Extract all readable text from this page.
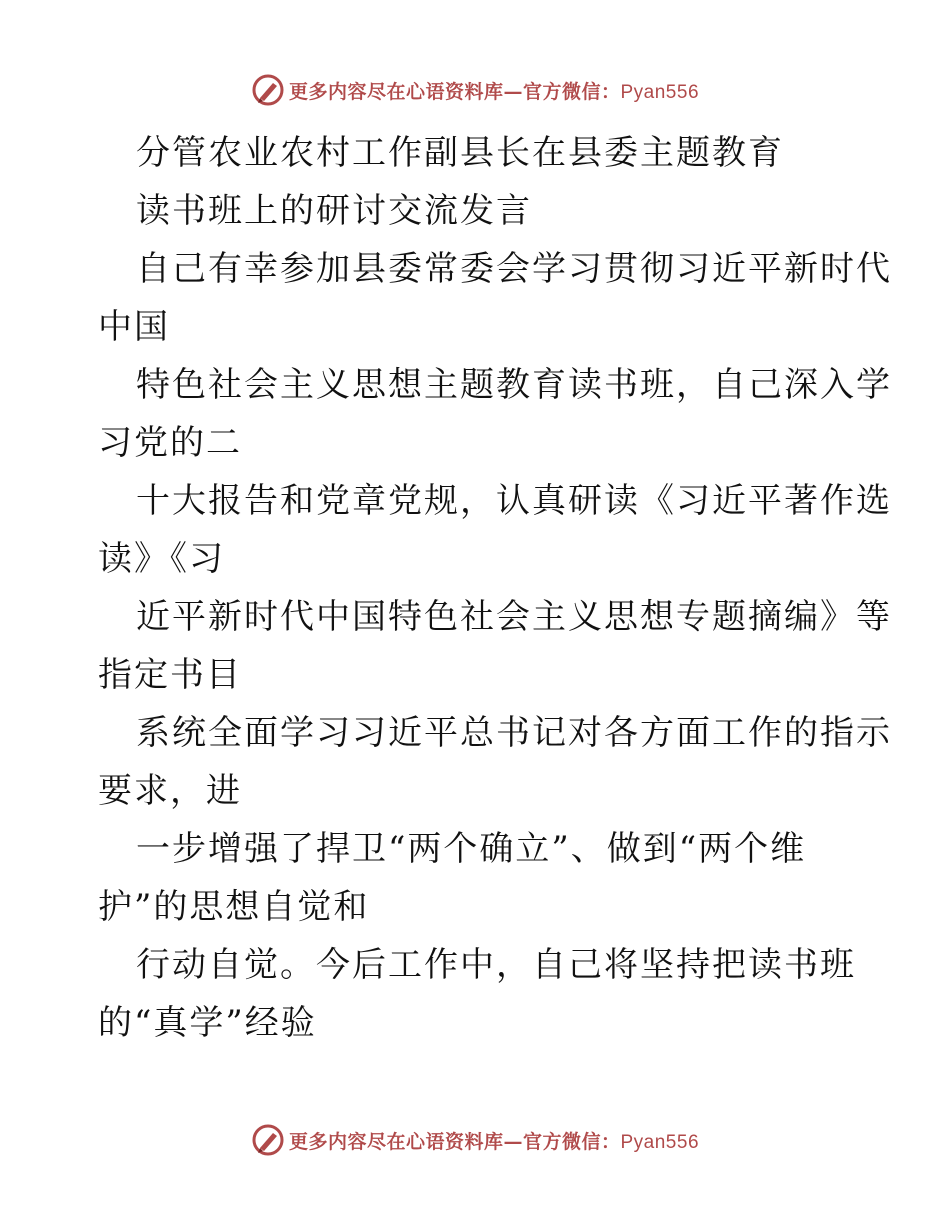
更多内容尽在心语资料库—官方微信：Pyan556
分管农业农村工作副县长在县委主题教育
读书班上的研讨交流发言
自己有幸参加县委常委会学习贯彻习近平新时代
中国
特色社会主义思想主题教育读书班，自己深入学
习党的二
十大报告和党章党规，认真研读《习近平著作选
读》《习
近平新时代中国特色社会主义思想专题摘编》等
指定书目
系统全面学习习近平总书记对各方面工作的指示
要求，进
一步增强了捍卫“两个确立”、做到“两个维
护”的思想自觉和
行动自觉。今后工作中，自己将坚持把读书班
的“真学”经验
更多内容尽在心语资料库—官方微信：Pyan556
